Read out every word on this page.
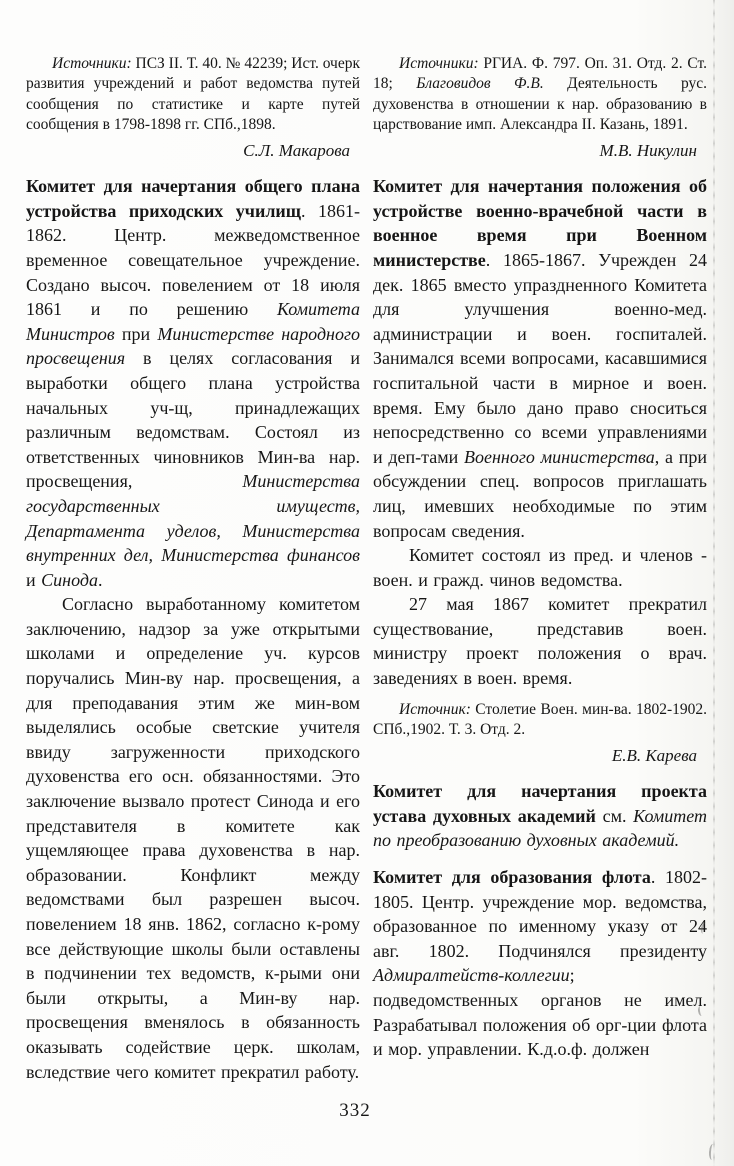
Источники: ПСЗ II. Т. 40. № 42239; Ист. очерк развития учреждений и работ ведомства путей сообщения по статистике и карте путей сообщения в 1798-1898 гг. СПб.,1898.

С.Л. Макарова

Комитет для начертания общего плана устройства приходских училищ. 1861-1862. Центр. межведомственное временное совещательное учреждение. Создано высоч. повелением от 18 июля 1861 и по решению Комитета Министров при Министерстве народного просвещения в целях согласования и выработки общего плана устройства начальных уч-щ, принадлежащих различным ведомствам. Состоял из ответственных чиновников Мин-ва нар. просвещения, Министерства государственных имуществ, Департамента уделов, Министерства внутренних дел, Министерства финансов и Синода.

Согласно выработанному комитетом заключению, надзор за уже открытыми школами и определение уч. курсов поручались Мин-ву нар. просвещения, а для преподавания этим же мин-вом выделялись особые светские учителя ввиду загруженности приходского духовенства его осн. обязанностями. Это заключение вызвало протест Синода и его представителя в комитете как ущемляющее права духовенства в нар. образовании. Конфликт между ведомствами был разрешен высоч. повелением 18 янв. 1862, согласно к-рому все действующие школы были оставлены в подчинении тех ведомств, к-рыми они были открыты, а Мин-ву нар. просвещения вменялось в обязанность оказывать содействие церк. школам, вследствие чего комитет прекратил работу.

Источники: РГИА. Ф. 797. Оп. 31. Отд. 2. Ст. 18; Благовидов Ф.В. Деятельность рус. духовенства в отношении к нар. образованию в царствование имп. Александра II. Казань, 1891.

М.В. Никулин

Комитет для начертания положения об устройстве военно-врачебной части в военное время при Военном министерстве. 1865-1867. Учрежден 24 дек. 1865 вместо упраздненного Комитета для улучшения военно-мед. администрации и воен. госпиталей. Занимался всеми вопросами, касавшимися госпитальной части в мирное и воен. время. Ему было дано право сноситься непосредственно со всеми управлениями и деп-тами Военного министерства, а при обсуждении спец. вопросов приглашать лиц, имевших необходимые по этим вопросам сведения.

Комитет состоял из пред. и членов - воен. и гражд. чинов ведомства.

27 мая 1867 комитет прекратил существование, представив воен. министру проект положения о врач. заведениях в воен. время.

Источник: Столетие Воен. мин-ва. 1802-1902. СПб.,1902. Т. 3. Отд. 2.

Е.В. Карева

Комитет для начертания проекта устава духовных академий см. Комитет по преобразованию духовных академий.

Комитет для образования флота. 1802-1805. Центр. учреждение мор. ведомства, образованное по именному указу от 24 авг. 1802. Подчинялся президенту Адмиралтейств-коллегии; подведомственных органов не имел. Разрабатывал положения об орг-ции флота и мор. управлении. К.д.о.ф. должен

332
